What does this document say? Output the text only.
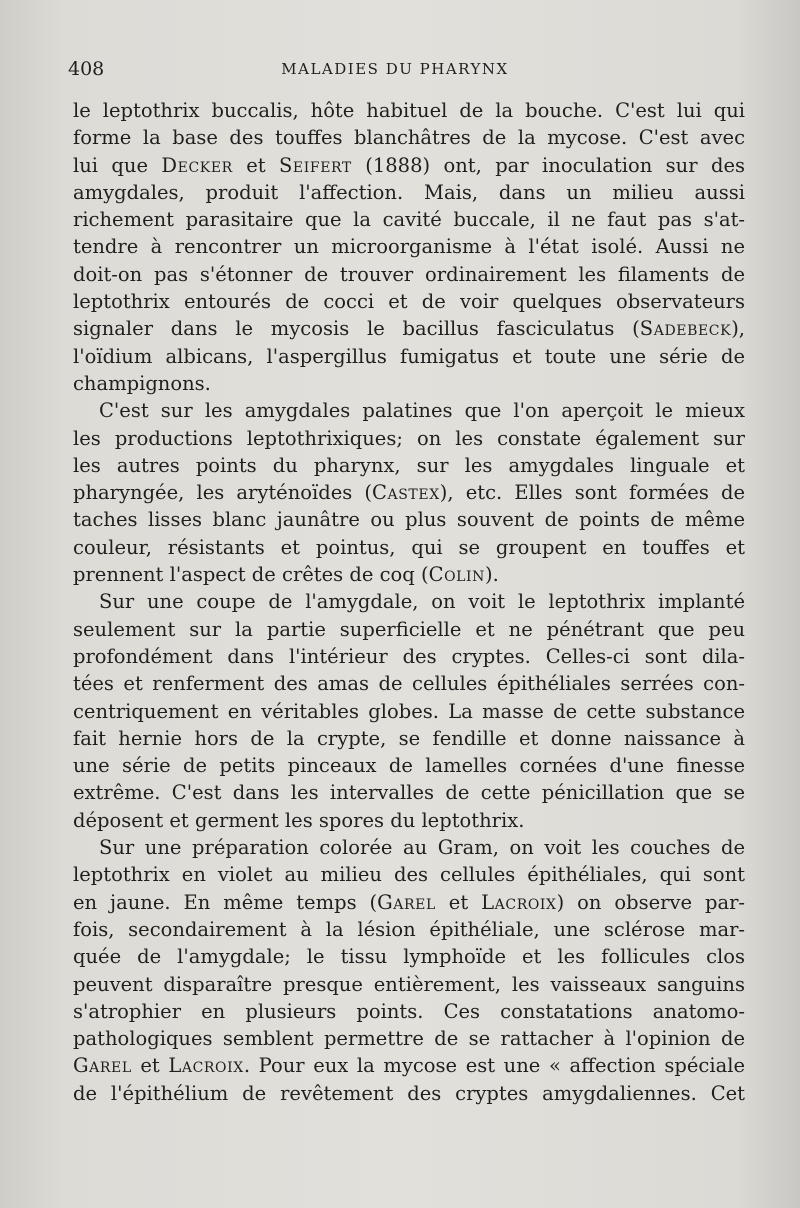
408	MALADIES DU PHARYNX
le leptothrix buccalis, hôte habituel de la bouche. C'est lui qui
forme la base des touffes blanchâtres de la mycose. C'est avec
lui que Decker et Seifert (1888) ont, par inoculation sur des
amygdales, produit l'affection. Mais, dans un milieu aussi
richement parasitaire que la cavité buccale, il ne faut pas s'at-
tendre à rencontrer un microorganisme à l'état isolé. Aussi ne
doit-on pas s'étonner de trouver ordinairement les filaments de
leptothrix entourés de cocci et de voir quelques observateurs
signaler dans le mycosis le bacillus fasciculatus (Sadebeck),
l'oïdium albicans, l'aspergillus fumigatus et toute une série de
champignons.
C'est sur les amygdales palatines que l'on aperçoit le mieux
les productions leptothrixiques; on les constate également sur
les autres points du pharynx, sur les amygdales linguale et
pharyngée, les aryténoïdes (Castex), etc. Elles sont formées de
taches lisses blanc jaunâtre ou plus souvent de points de même
couleur, résistants et pointus, qui se groupent en touffes et
prennent l'aspect de crêtes de coq (Colin).
Sur une coupe de l'amygdale, on voit le leptothrix implanté
seulement sur la partie superficielle et ne pénétrant que peu
profondément dans l'intérieur des cryptes. Celles-ci sont dila-
tées et renferment des amas de cellules épithéliales serrées con-
centriquement en véritables globes. La masse de cette substance
fait hernie hors de la crypte, se fendille et donne naissance à
une série de petits pinceaux de lamelles cornées d'une finesse
extrême. C'est dans les intervalles de cette pénicillation que se
déposent et germent les spores du leptothrix.
Sur une préparation colorée au Gram, on voit les couches de
leptothrix en violet au milieu des cellules épithéliales, qui sont
en jaune. En même temps (Garel et Lacroix) on observe par-
fois, secondairement à la lésion épithéliale, une sclérose mar-
quée de l'amygdale; le tissu lymphoïde et les follicules clos
peuvent disparaître presque entièrement, les vaisseaux sanguins
s'atrophier en plusieurs points. Ces constatations anatomo-
pathologiques semblent permettre de se rattacher à l'opinion de
Garel et Lacroix. Pour eux la mycose est une « affection spéciale
de l'épithélium de revêtement des cryptes amygdaliennes. Cet
